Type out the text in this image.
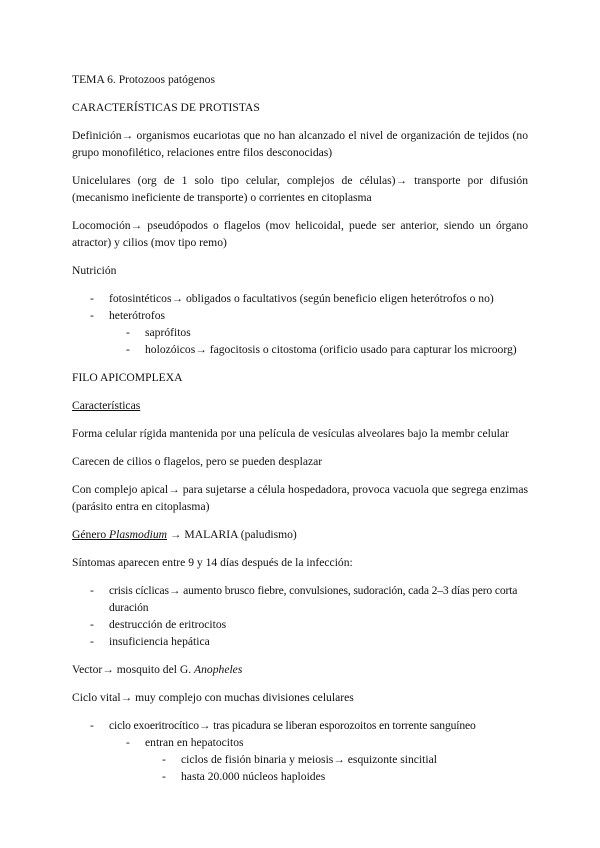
TEMA 6. Protozoos patógenos

CARACTERÍSTICAS DE PROTISTAS

Definición→ organismos eucariotas que no han alcanzado el nivel de organización de tejidos (no grupo monofilético, relaciones entre filos desconocidas)

Unicelulares (org de 1 solo tipo celular, complejos de células)→ transporte por difusión (mecanismo ineficiente de transporte) o corrientes en citoplasma

Locomoción→ pseudópodos o flagelos (mov helicoidal, puede ser anterior, siendo un órgano atractor) y cilios (mov tipo remo)

Nutrición

-	fotosintéticos→ obligados o facultativos (según beneficio eligen heterótrofos o no)
-	heterótrofos
-	saprófitos
-	holozóicos→ fagocitosis o citostoma (orificio usado para capturar los microorg)

FILO APICOMPLEXA

Características

Forma celular rígida mantenida por una película de vesículas alveolares bajo la membr celular

Carecen de cilios o flagelos, pero se pueden desplazar

Con complejo apical→ para sujetarse a célula hospedadora, provoca vacuola que segrega enzimas (parásito entra en citoplasma)

Género Plasmodium → MALARIA (paludismo)

Síntomas aparecen entre 9 y 14 días después de la infección:

-	crisis cíclicas→ aumento brusco fiebre, convulsiones, sudoración, cada 2–3 días pero corta duración
-	destrucción de eritrocitos
-	insuficiencia hepática

Vector→ mosquito del G. Anopheles

Ciclo vital→ muy complejo con muchas divisiones celulares

-	ciclo exoeritrocítico→ tras picadura se liberan esporozoitos en torrente sanguíneo
-	entran en hepatocitos
-	ciclos de fisión binaria y meiosis→ esquizonte sincitial
-	hasta 20.000 núcleos haploides
